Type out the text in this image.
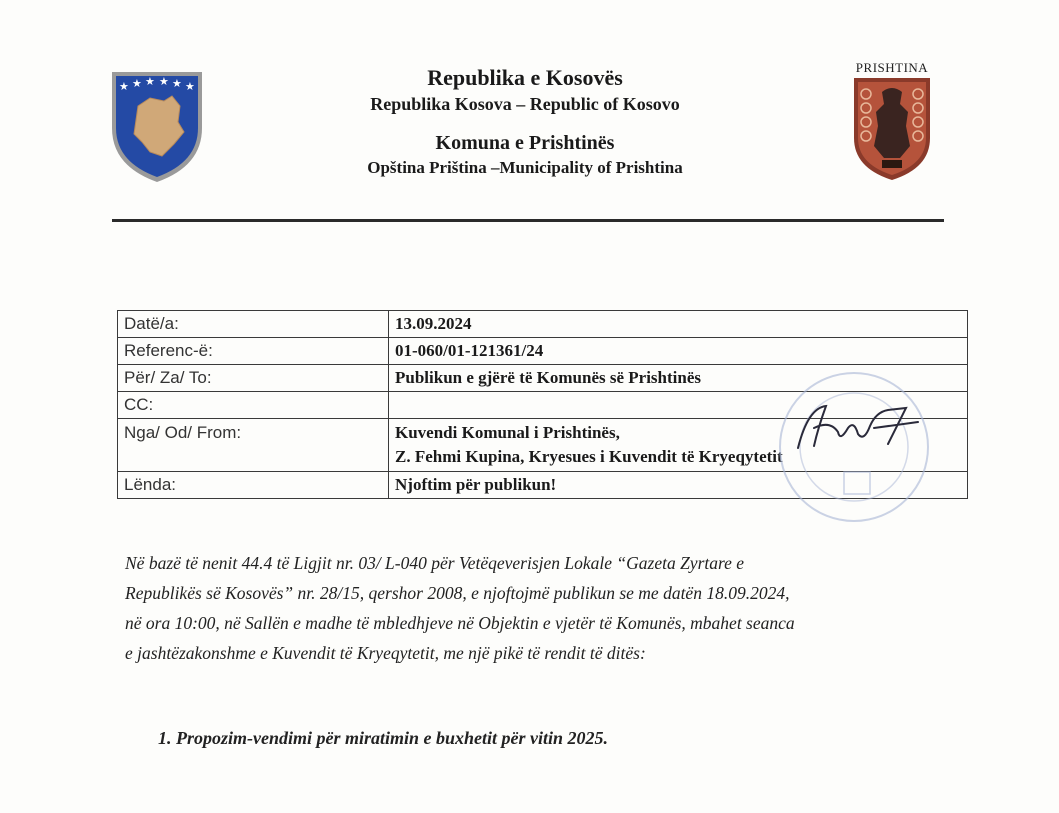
★ ★ ★ ★ ★ ★	Republika e Kosovës
Republika Kosova – Republic of Kosovo
Komuna e Prishtinës
Opština Priština –Municipality of Prishtina
PRISHTINA
Datë/a:	13.09.2024
Referenc-ë:	01-060/01-121361/24
Për/ Za/ To:	Publikun e gjërë të Komunës së Prishtinës
CC:	
Nga/ Od/ From:	Kuvendi Komunal i Prishtinës,
Z. Fehmi Kupina, Kryesues i Kuvendit të Kryeqytetit

Lënda:	Njoftim për publikun!
Në bazë të nenit 44.4 të Ligjit nr. 03/ L-040 për Vetëqeverisjen Lokale “Gazeta Zyrtare e
Republikës së Kosovës” nr. 28/15, qershor 2008, e njoftojmë publikun se me datën 18.09.2024,
në ora 10:00, në Sallën e madhe të mbledhjeve në Objektin e vjetër të Komunës, mbahet seanca
e jashtëzakonshme e Kuvendit të Kryeqytetit, me një pikë të rendit të ditës:
1. Propozim-vendimi për miratimin e buxhetit për vitin 2025.
